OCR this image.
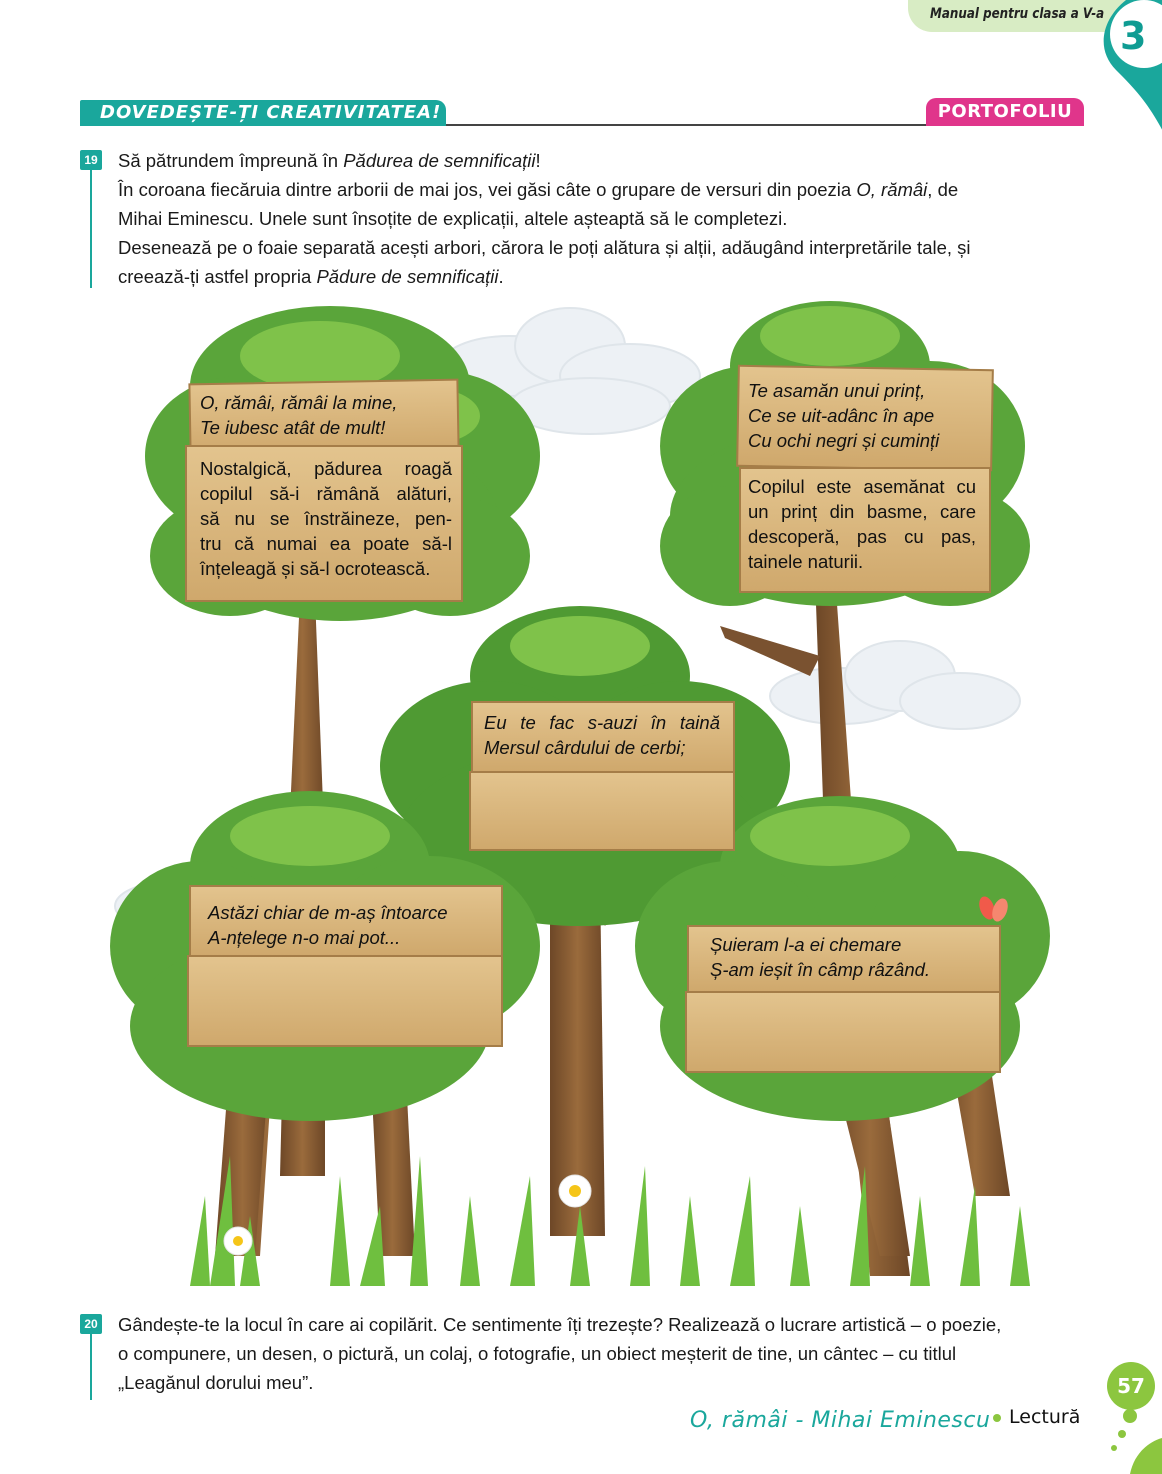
Manual pentru clasa a V-a 3
DOVEDEȘTE-ȚI CREATIVITATEA!	PORTOFOLIU
19 Să pătrundem împreună în Pădurea de semnificații!
În coroana fiecăruia dintre arborii de mai jos, vei găsi câte o grupare de versuri din poezia O, rămâi, de
Mihai Eminescu. Unele sunt însoțite de explicații, altele așteaptă să le completezi.
Desenează pe o foaie separată acești arbori, cărora le poți alătura și alții, adăugând interpretările tale, și
creează-ți astfel propria Pădure de semnificații.
O, rămâi, rămâi la mine,
Te iubesc atât de mult!
Nostalgică, pădurea roagă
copilul să-i rămână alături,
să nu se înstrăineze, pen-
tru că numai ea poate să-l
înțeleagă și să-l ocrotească.
Te asamăn unui prinț,
Ce se uit-adânc în ape
Cu ochi negri și cuminți
Copilul este asemănat cu
un prinț din basme, care
descoperă, pas cu pas,
tainele naturii.
Eu te fac s-auzi în taină
Mersul cârdului de cerbi;
Astăzi chiar de m-aș întoarce
A-nțelege n-o mai pot...	Șuieram l-a ei chemare
Ș-am ieșit în câmp râzând.
20 Gândește-te la locul în care ai copilărit. Ce sentimente îți trezește? Realizează o lucrare artistică – o poezie,
o compunere, un desen, o pictură, un colaj, o fotografie, un obiect meșterit de tine, un cântec – cu titlul
„Leagănul dorului meu”.	57
O, rămâi - Mihai Eminescu Lectură
